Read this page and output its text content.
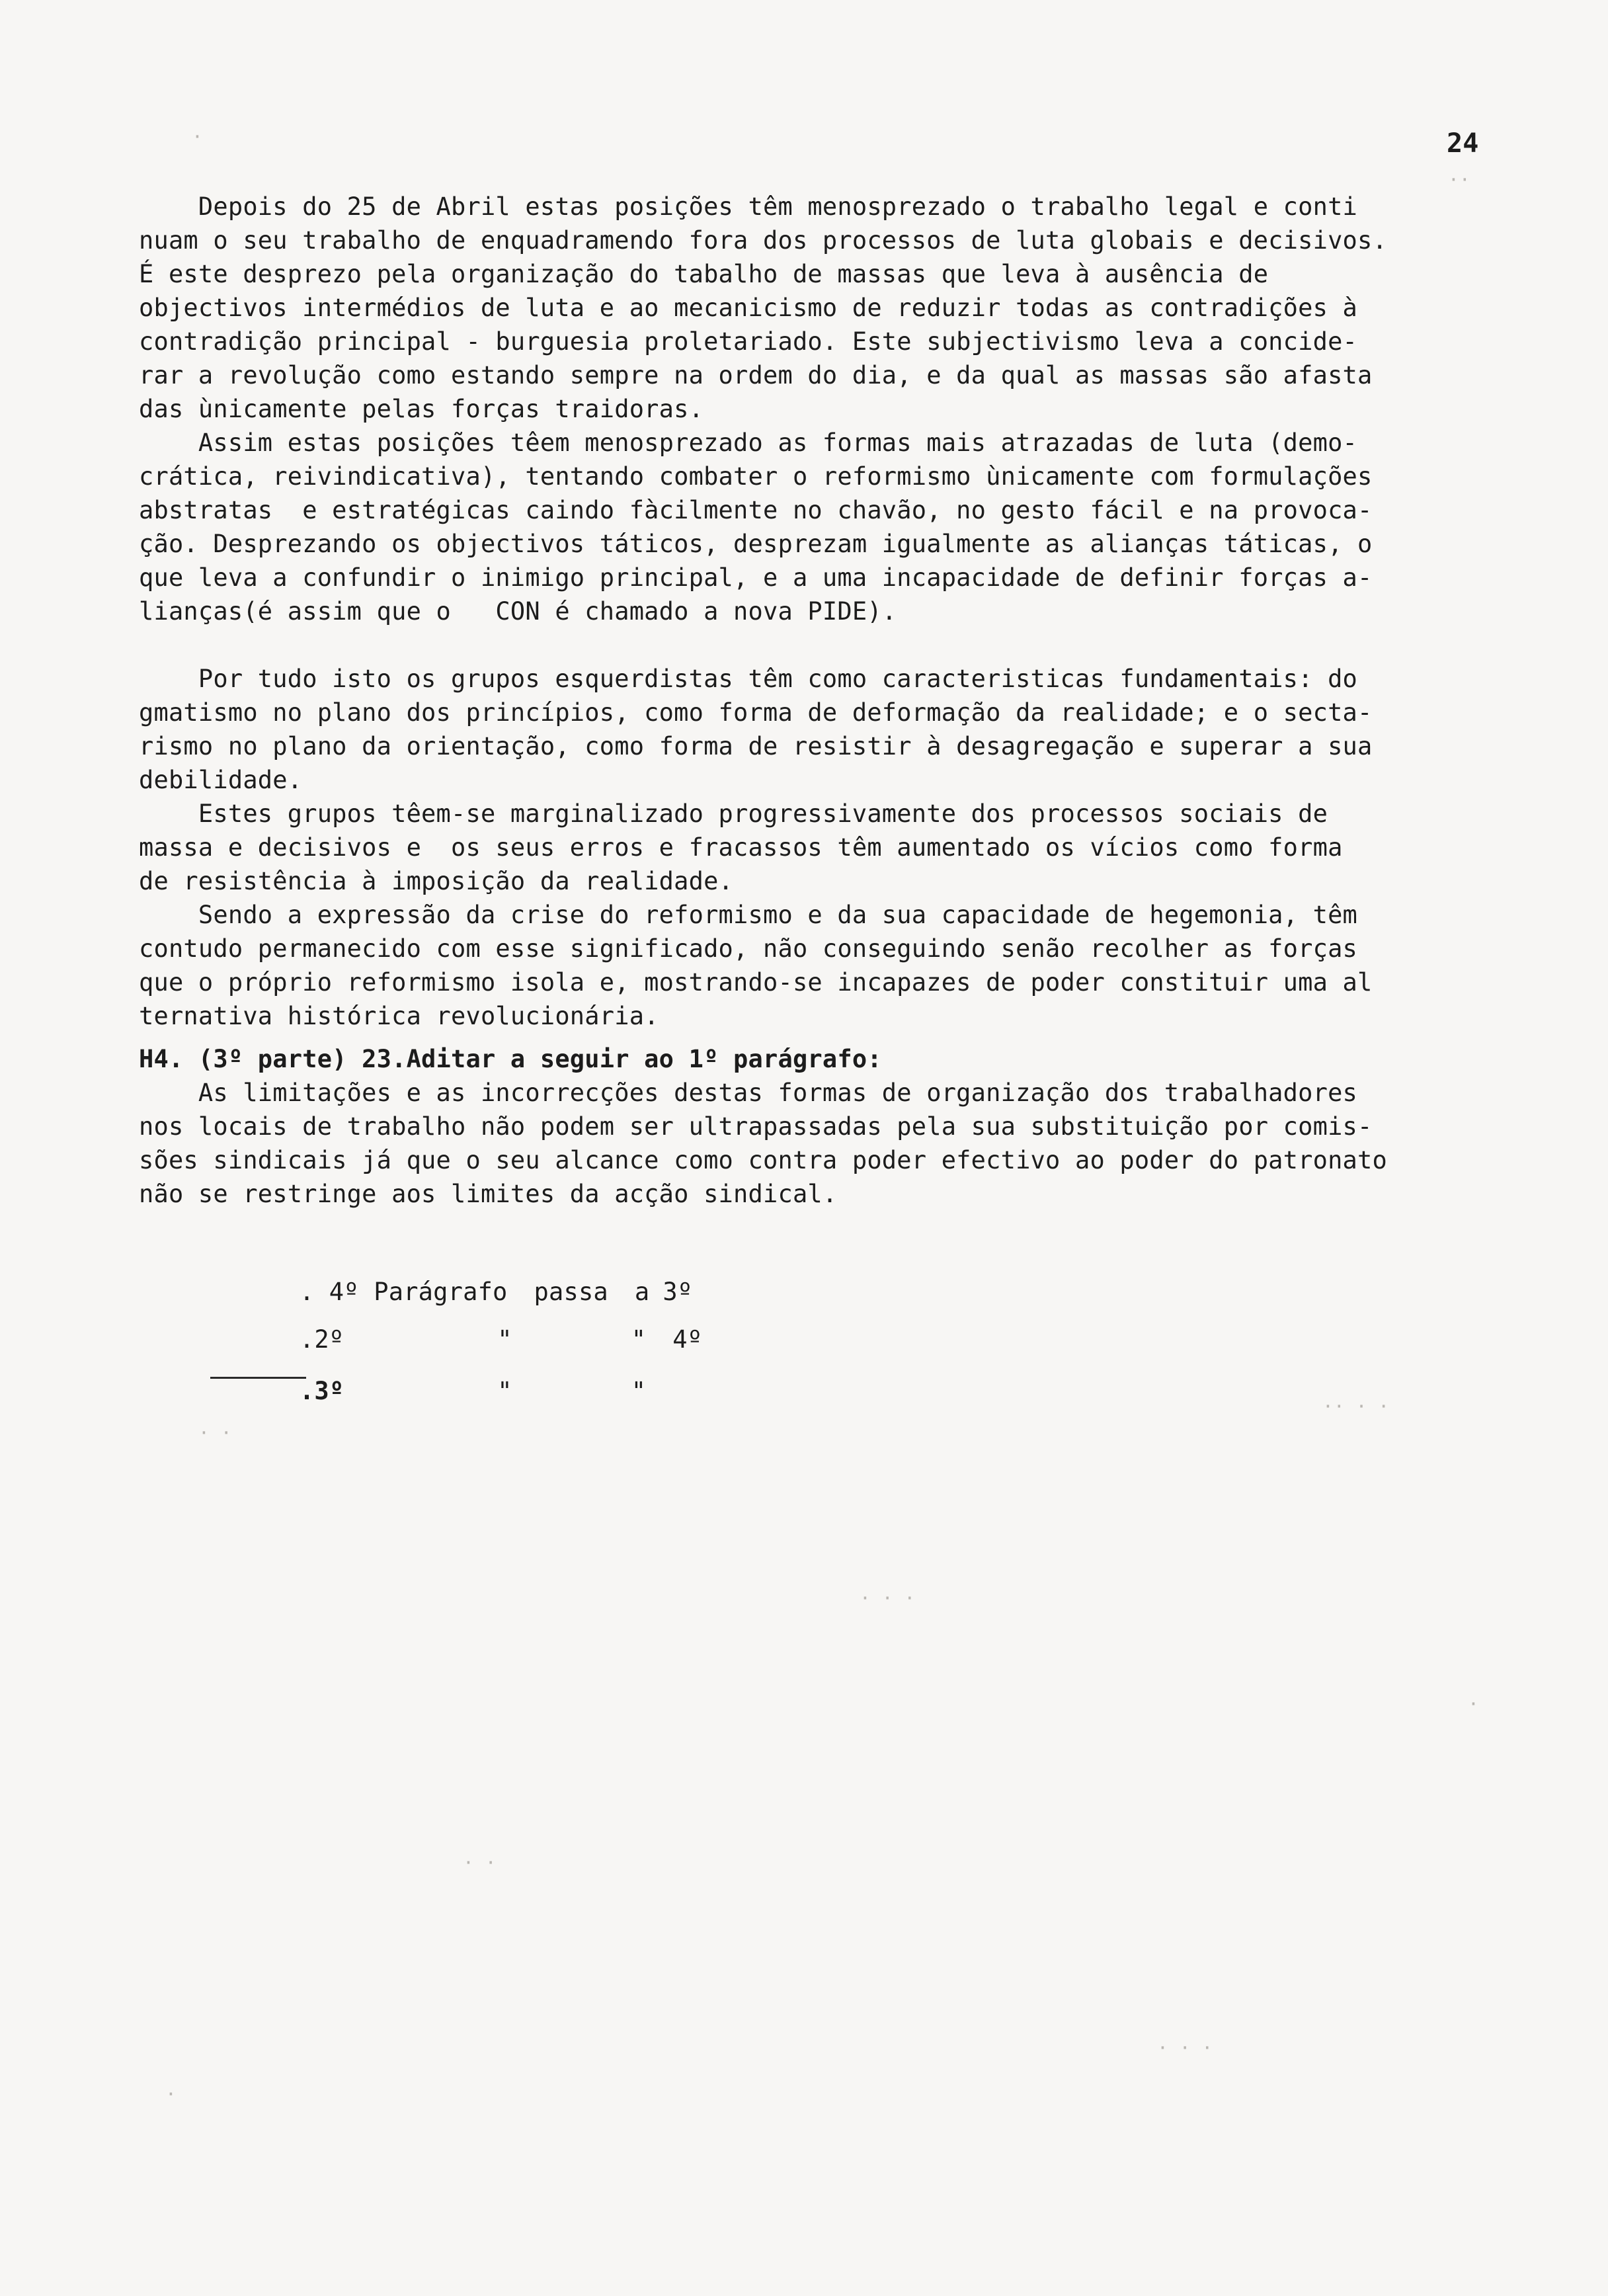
24

Depois do 25 de Abril estas posições têm menosprezado o trabalho legal e conti

nuam o seu trabalho de enquadramendo fora dos processos de luta globais e decisivos.

É este desprezo pela organização do tabalho de massas que leva à ausência de

objectivos intermédios de luta e ao mecanicismo de reduzir todas as contradições à

contradição principal - burguesia proletariado. Este subjectivismo leva a concide-

rar a revolução como estando sempre na ordem do dia, e da qual as massas são afasta

das ùnicamente pelas forças traidoras.

Assim estas posições têem menosprezado as formas mais atrazadas de luta (demo-

crática, reivindicativa), tentando combater o reformismo ùnicamente com formulações

abstratas  e estratégicas caindo fàcilmente no chavão, no gesto fácil e na provoca-

ção. Desprezando os objectivos táticos, desprezam igualmente as alianças táticas, o

que leva a confundir o inimigo principal, e a uma incapacidade de definir forças a-

lianças(é assim que o   CON é chamado a nova PIDE).

Por tudo isto os grupos esquerdistas têm como caracteristicas fundamentais: do

gmatismo no plano dos princípios, como forma de deformação da realidade; e o secta-

rismo no plano da orientação, como forma de resistir à desagregação e superar a sua

debilidade.

Estes grupos têem-se marginalizado progressivamente dos processos sociais de

massa e decisivos e  os seus erros e fracassos têm aumentado os vícios como forma

de resistência à imposição da realidade.

Sendo a expressão da crise do reformismo e da sua capacidade de hegemonia, têm

contudo permanecido com esse significado, não conseguindo senão recolher as forças

que o próprio reformismo isola e, mostrando-se incapazes de poder constituir uma al

ternativa histórica revolucionária.

H4. (3º parte) 23.Aditar a seguir ao 1º parágrafo:

As limitações e as incorrecções destas formas de organização dos trabalhadores

nos locais de trabalho não podem ser ultrapassadas pela sua substituição por comis-

sões sindicais já que o seu alcance como contra poder efectivo ao poder do patronato

não se restringe aos limites da acção sindical.

. 4º Parágrafo passa a 3º

.2º	"	" 4º

.3º	"	"

·
··
· ·
·· · ·
· · ·
·
· ·
· · ·
·
